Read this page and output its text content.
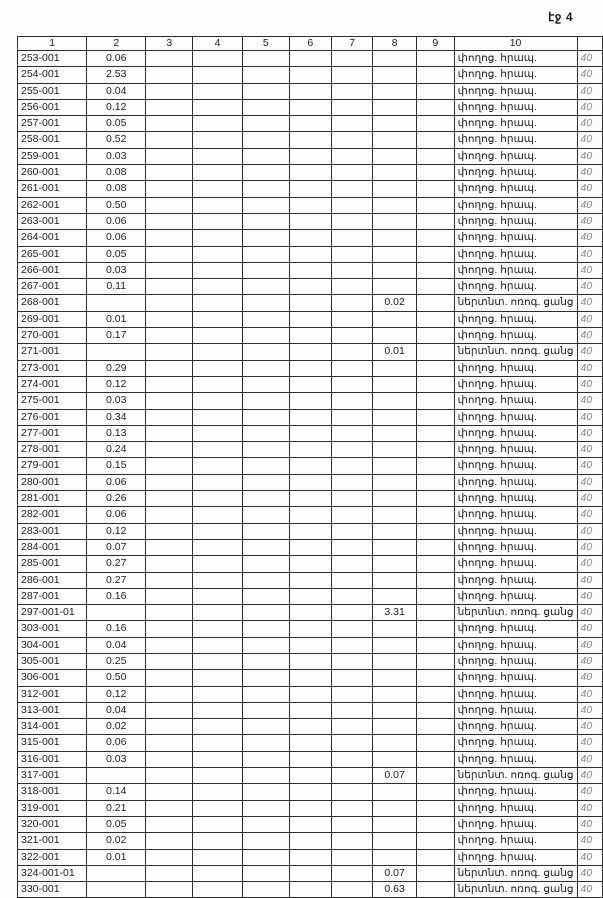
էջ 4
1	2	3	4	5	6	7	8	9	10	
253-001	0.06								փողոց. հրապ.	40
254-001	2.53								փողոց. հրապ.	40
255-001	0.04								փողոց. հրապ.	40
256-001	0.12								փողոց. հրապ.	40
257-001	0.05								փողոց. հրապ.	40
258-001	0.52								փողոց. հրապ.	40
259-001	0.03								փողոց. հրապ.	40
260-001	0.08								փողոց. հրապ.	40
261-001	0.08								փողոց. հրապ.	40
262-001	0.50								փողոց. հրապ.	40
263-001	0.06								փողոց. հրապ.	40
264-001	0.06								փողոց. հրապ.	40
265-001	0.05								փողոց. հրապ.	40
266-001	0.03								փողոց. հրապ.	40
267-001	0.11								փողոց. հրապ.	40
268-001							0.02		ներտնտ. ոռոգ. ցանց	40
269-001	0.01								փողոց. հրապ.	40
270-001	0.17								փողոց. հրապ.	40
271-001							0.01		ներտնտ. ոռոգ. ցանց	40
273-001	0.29								փողոց. հրապ.	40
274-001	0.12								փողոց. հրապ.	40
275-001	0.03								փողոց. հրապ.	40
276-001	0.34								փողոց. հրապ.	40
277-001	0.13								փողոց. հրապ.	40
278-001	0.24								փողոց. հրապ.	40
279-001	0.15								փողոց. հրապ.	40
280-001	0.06								փողոց. հրապ.	40
281-001	0.26								փողոց. հրապ.	40
282-001	0.06								փողոց. հրապ.	40
283-001	0.12								փողոց. հրապ.	40
284-001	0.07								փողոց. հրապ.	40
285-001	0.27								փողոց. հրապ.	40
286-001	0.27								փողոց. հրապ.	40
287-001	0.16								փողոց. հրապ.	40
297-001-01							3.31		ներտնտ. ոռոգ. ցանց	40
303-001	0.16								փողոց. հրապ.	40
304-001	0.04								փողոց. հրապ.	40
305-001	0.25								փողոց. հրապ.	40
306-001	0.50								փողոց. հրապ.	40
312-001	0.12								փողոց. հրապ.	40
313-001	0.04								փողոց. հրապ.	40
314-001	0.02								փողոց. հրապ.	40
315-001	0.06								փողոց. հրապ.	40
316-001	0.03								փողոց. հրապ.	40
317-001							0.07		ներտնտ. ոռոգ. ցանց	40
318-001	0.14								փողոց. հրապ.	40
319-001	0.21								փողոց. հրապ.	40
320-001	0.05								փողոց. հրապ.	40
321-001	0.02								փողոց. հրապ.	40
322-001	0.01								փողոց. հրապ.	40
324-001-01							0.07		ներտնտ. ոռոգ. ցանց	40
330-001							0.63		ներտնտ. ոռոգ. ցանց	40
